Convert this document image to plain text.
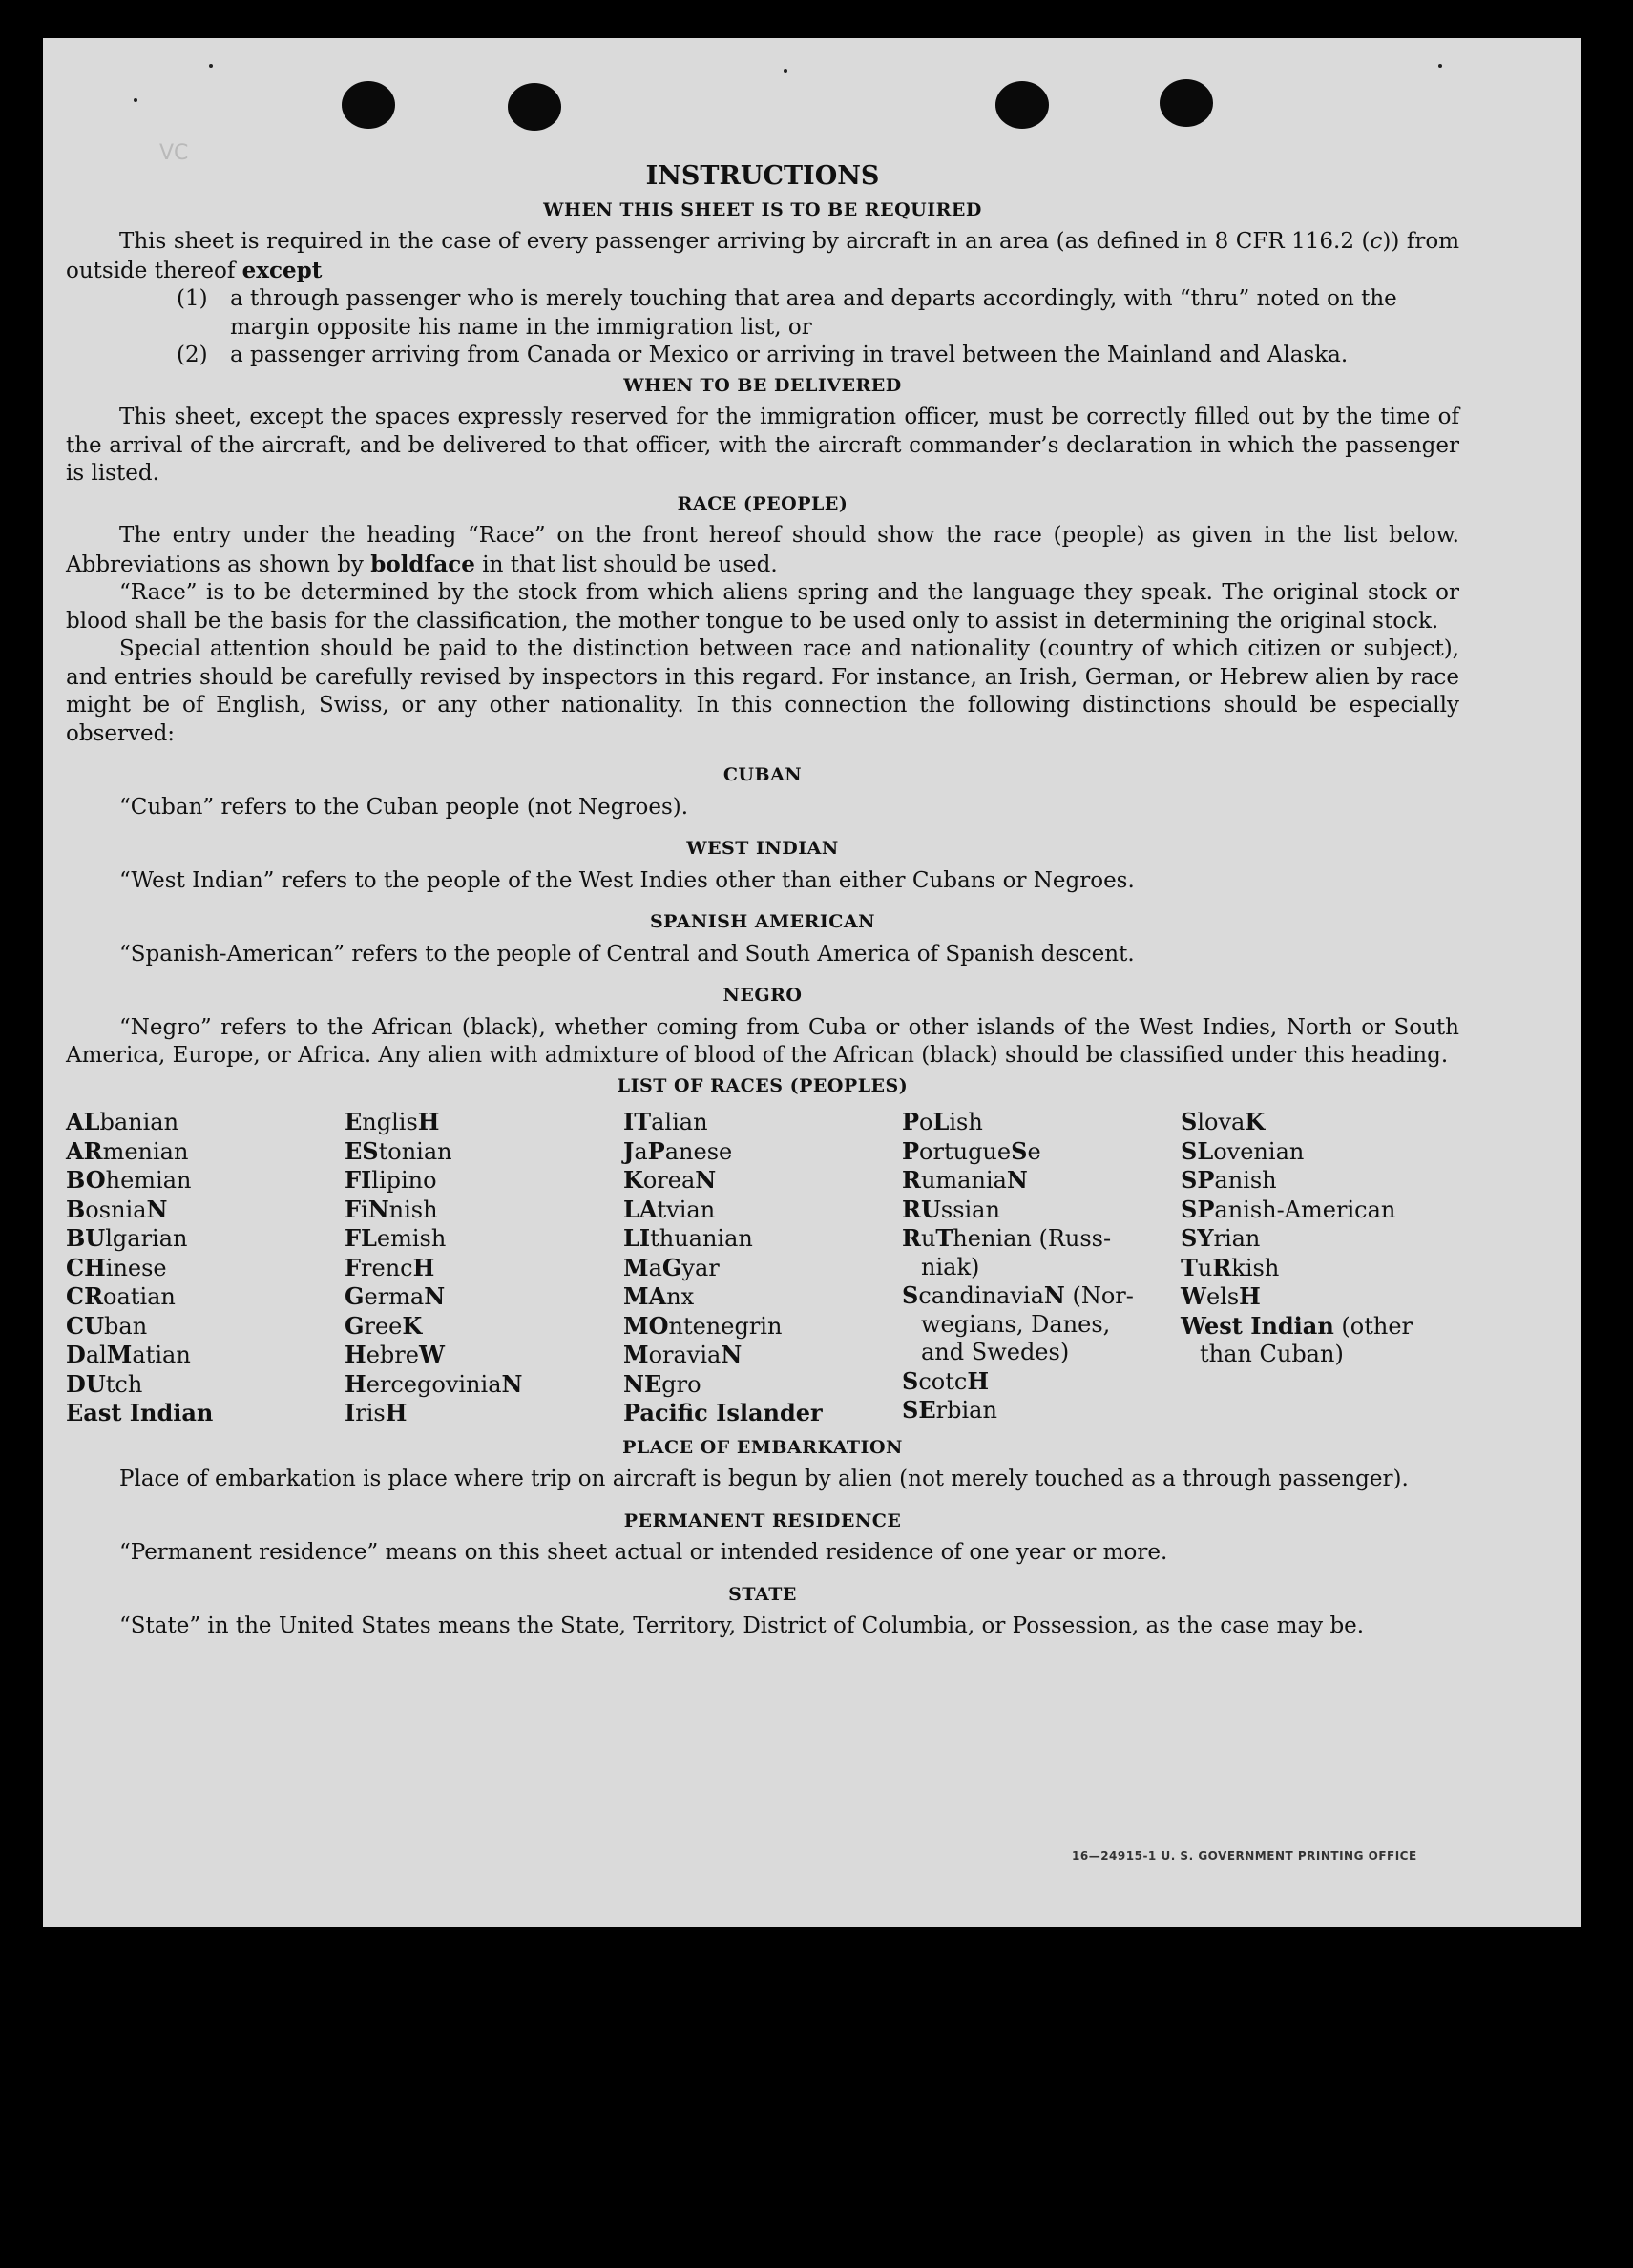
VC
INSTRUCTIONS
WHEN THIS SHEET IS TO BE REQUIRED

This sheet is required in the case of every passenger arriving by aircraft in an area (as defined in 8 CFR 116.2 (c)) from outside thereof except

(1)	a through passenger who is merely touching that area and departs accordingly, with “thru” noted on the margin opposite his name in the immigration list, or
(2)	a passenger arriving from Canada or Mexico or arriving in travel between the Mainland and Alaska.
WHEN TO BE DELIVERED

This sheet, except the spaces expressly reserved for the immigration officer, must be correctly filled out by the time of the arrival of the aircraft, and be delivered to that officer, with the aircraft commander’s declaration in which the passenger is listed.

RACE (PEOPLE)

The entry under the heading “Race” on the front hereof should show the race (people) as given in the list below. Abbreviations as shown by boldface in that list should be used.

“Race” is to be determined by the stock from which aliens spring and the language they speak. The original stock or blood shall be the basis for the classification, the mother tongue to be used only to assist in determining the original stock.

Special attention should be paid to the distinction between race and nationality (country of which citizen or subject), and entries should be carefully revised by inspectors in this regard. For instance, an Irish, German, or Hebrew alien by race might be of English, Swiss, or any other nationality. In this connection the following distinctions should be especially observed:

CUBAN

“Cuban” refers to the Cuban people (not Negroes).

WEST INDIAN

“West Indian” refers to the people of the West Indies other than either Cubans or Negroes.

SPANISH AMERICAN

“Spanish-American” refers to the people of Central and South America of Spanish descent.

NEGRO

“Negro” refers to the African (black), whether coming from Cuba or other islands of the West Indies, North or South America, Europe, or Africa. Any alien with admixture of blood of the African (black) should be classified under this heading.

LIST OF RACES (PEOPLES)
ALbanian
ARmenian
BOhemian
BosniaN
BUlgarian
CHinese
CRoatian
CUban
DalMatian
DUtch
East Indian
EnglisH
EStonian
FIlipino
FiNnish
FLemish
FrencH
GermaN
GreeK
HebreW
HercegoviniaN
IrisH
ITalian
JaPanese
KoreaN
LAtvian
LIthuanian
MaGyar
MAnx
MOntenegrin
MoraviaN
NEgro
Pacific Islander
PoLish
PortugueSe
RumaniaN
RUssian
RuThenian (Russ-
niak)
ScandinaviaN (Nor-
wegians, Danes,
and Swedes)
ScotcH
SErbian
SlovaK
SLovenian
SPanish
SPanish-American
SYrian
TuRkish
WelsH
West Indian (other
than Cuban)
PLACE OF EMBARKATION

Place of embarkation is place where trip on aircraft is begun by alien (not merely touched as a through passenger).

PERMANENT RESIDENCE

“Permanent residence” means on this sheet actual or intended residence of one year or more.

STATE

“State” in the United States means the State, Territory, District of Columbia, or Possession, as the case may be.

16—24915-1 U. S. GOVERNMENT PRINTING OFFICE
